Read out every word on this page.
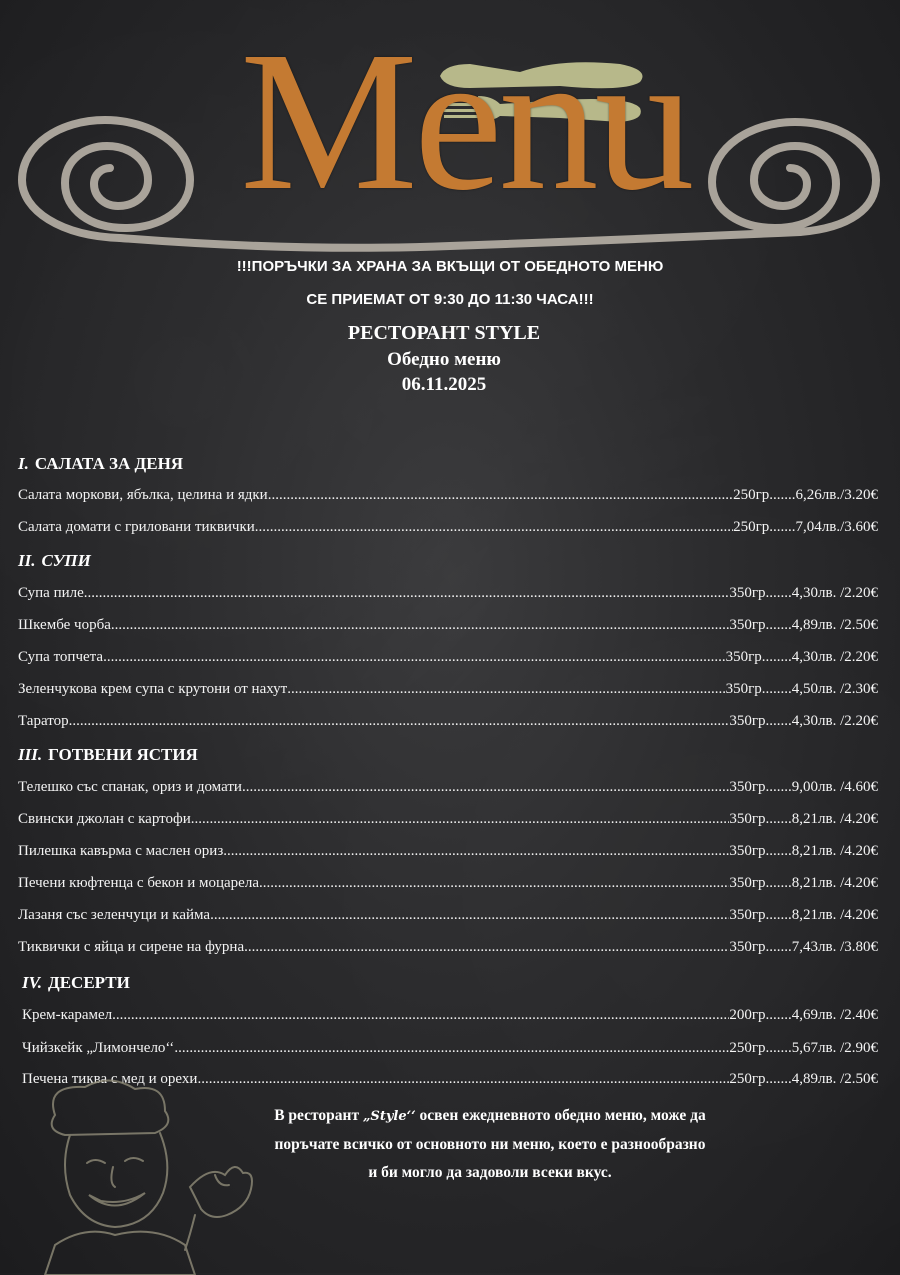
Menu
!!!ПОРЪЧКИ ЗА ХРАНА ЗА ВКЪЩИ ОТ ОБЕДНОТО МЕНЮ
СЕ ПРИЕМАТ ОТ 9:30 ДО 11:30 ЧАСА!!!
РЕСТОРАНТ STYLE
Обедно меню
06.11.2025
I. САЛАТА ЗА ДЕНЯ
Салата моркови, ябълка, целина и ядки .....	250гр.......6,26лв./3.20€
Салата домати с гриловани тиквички .....	250гр.......7,04лв./3.60€
II. СУПИ
Супа пиле .....	350гр.......4,30лв. /2.20€
Шкембе чорба .....	350гр.......4,89лв. /2.50€
Супа топчета .....	350гр........4,30лв. /2.20€
Зеленчукова крем супа с крутони от нахут .....	350гр........4,50лв. /2.30€
Таратор .....	350гр.......4,30лв. /2.20€
III. ГОТВЕНИ ЯСТИЯ
Телешко със спанак, ориз и домати .....	350гр.......9,00лв. /4.60€
Свински джолан с картофи .....	350гр.......8,21лв. /4.20€
Пилешка кавърма с маслен ориз .....	350гр.......8,21лв. /4.20€
Печени кюфтенца с бекон и моцарела .....	350гр.......8,21лв. /4.20€
Лазаня със зеленчуци и кайма .....	350гр.......8,21лв. /4.20€
Тиквички с яйца и сирене на фурна .....	350гр.......7,43лв. /3.80€
IV. ДЕСЕРТИ
Крем-карамел .....	200гр.......4,69лв. /2.40€
Чийзкейк „Лимончело‘‘ .....	250гр.......5,67лв. /2.90€
Печена тиква с мед и орехи .....	250гр.......4,89лв. /2.50€
В ресторант „Style‘‘ освен ежедневното обедно меню, може да поръчате всичко от основното ни меню, което е разнообразно и би могло да задоволи всеки вкус.
